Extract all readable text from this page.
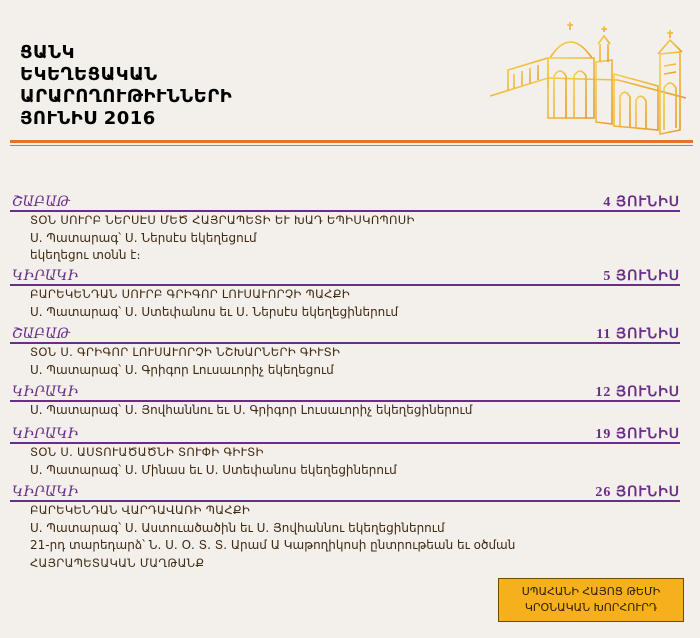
ՑԱՆԿ
ԵԿԵՂԵՑԱԿԱՆ
ԱՐԱՐՈՂՈՒԹԻՒՆՆԵՐԻ
ՅՈՒՆԻՍ 2016
ՇԱԲԱԹ	4 ՅՈՒՆԻՍ
ՏՕՆ ՍՈՒՐԲ ՆԵՐՍԷՍ ՄԵԾ ՀԱՅՐԱՊԵՏԻ ԵՒ ԽԱԴ ԵՊԻՍԿՈՊՈՍԻ
Ս. Պատարագ՝ Ս. Ներսէս եկեղեցում
եկեղեցու տօնն է։
ԿԻՐԱԿԻ	5 ՅՈՒՆԻՍ
ԲԱՐԵԿԵՆԴԱՆ ՍՈՒՐԲ ԳՐԻԳՈՐ ԼՈՒՍԱՒՈՐՉԻ ՊԱՀՔԻ
Ս. Պատարագ՝ Ս. Ստեփանոս եւ Ս. Ներսէս եկեղեցիներում
ՇԱԲԱԹ	11 ՅՈՒՆԻՍ
ՏՕՆ Ս. ԳՐԻԳՈՐ ԼՈՒՍԱՒՈՐՉԻ ՆՇԽԱՐՆԵՐԻ ԳԻՒՏԻ
Ս. Պատարագ՝ Ս. Գրիգոր Լուսաւորիչ եկեղեցում
ԿԻՐԱԿԻ	12 ՅՈՒՆԻՍ
Ս. Պատարագ՝ Ս. Յովհաննու եւ Ս. Գրիգոր Լուսաւորիչ եկեղեցիներում
ԿԻՐԱԿԻ	19 ՅՈՒՆԻՍ
ՏՕՆ Ս. ԱՍՏՈՒԱԾԱԾՆԻ ՏՈՒՓԻ ԳԻՒՏԻ
Ս. Պատարագ՝ Ս. Մինաս եւ Ս. Ստեփանոս եկեղեցիներում
ԿԻՐԱԿԻ	26 ՅՈՒՆԻՍ
ԲԱՐԵԿԵՆԴԱՆ ՎԱՐԴԱՎԱՌԻ ՊԱՀՔԻ
Ս. Պատարագ՝ Ս. Աստուածածին եւ Ս. Յովհաննու եկեղեցիներում
21-րդ տարեդարձ՝ Ն. Ս. Օ. Տ. Տ. Արամ Ա Կաթողիկոսի ընտրութեան եւ օծման
ՀԱՅՐԱՊԵՏԱԿԱՆ ՄԱՂԹԱՆՔ
ՍՊԱՀԱՆԻ ՀԱՅՈՑ ԹԵՄԻ
ԿՐՕՆԱԿԱՆ ԽՈՐՀՈՒՐԴ
